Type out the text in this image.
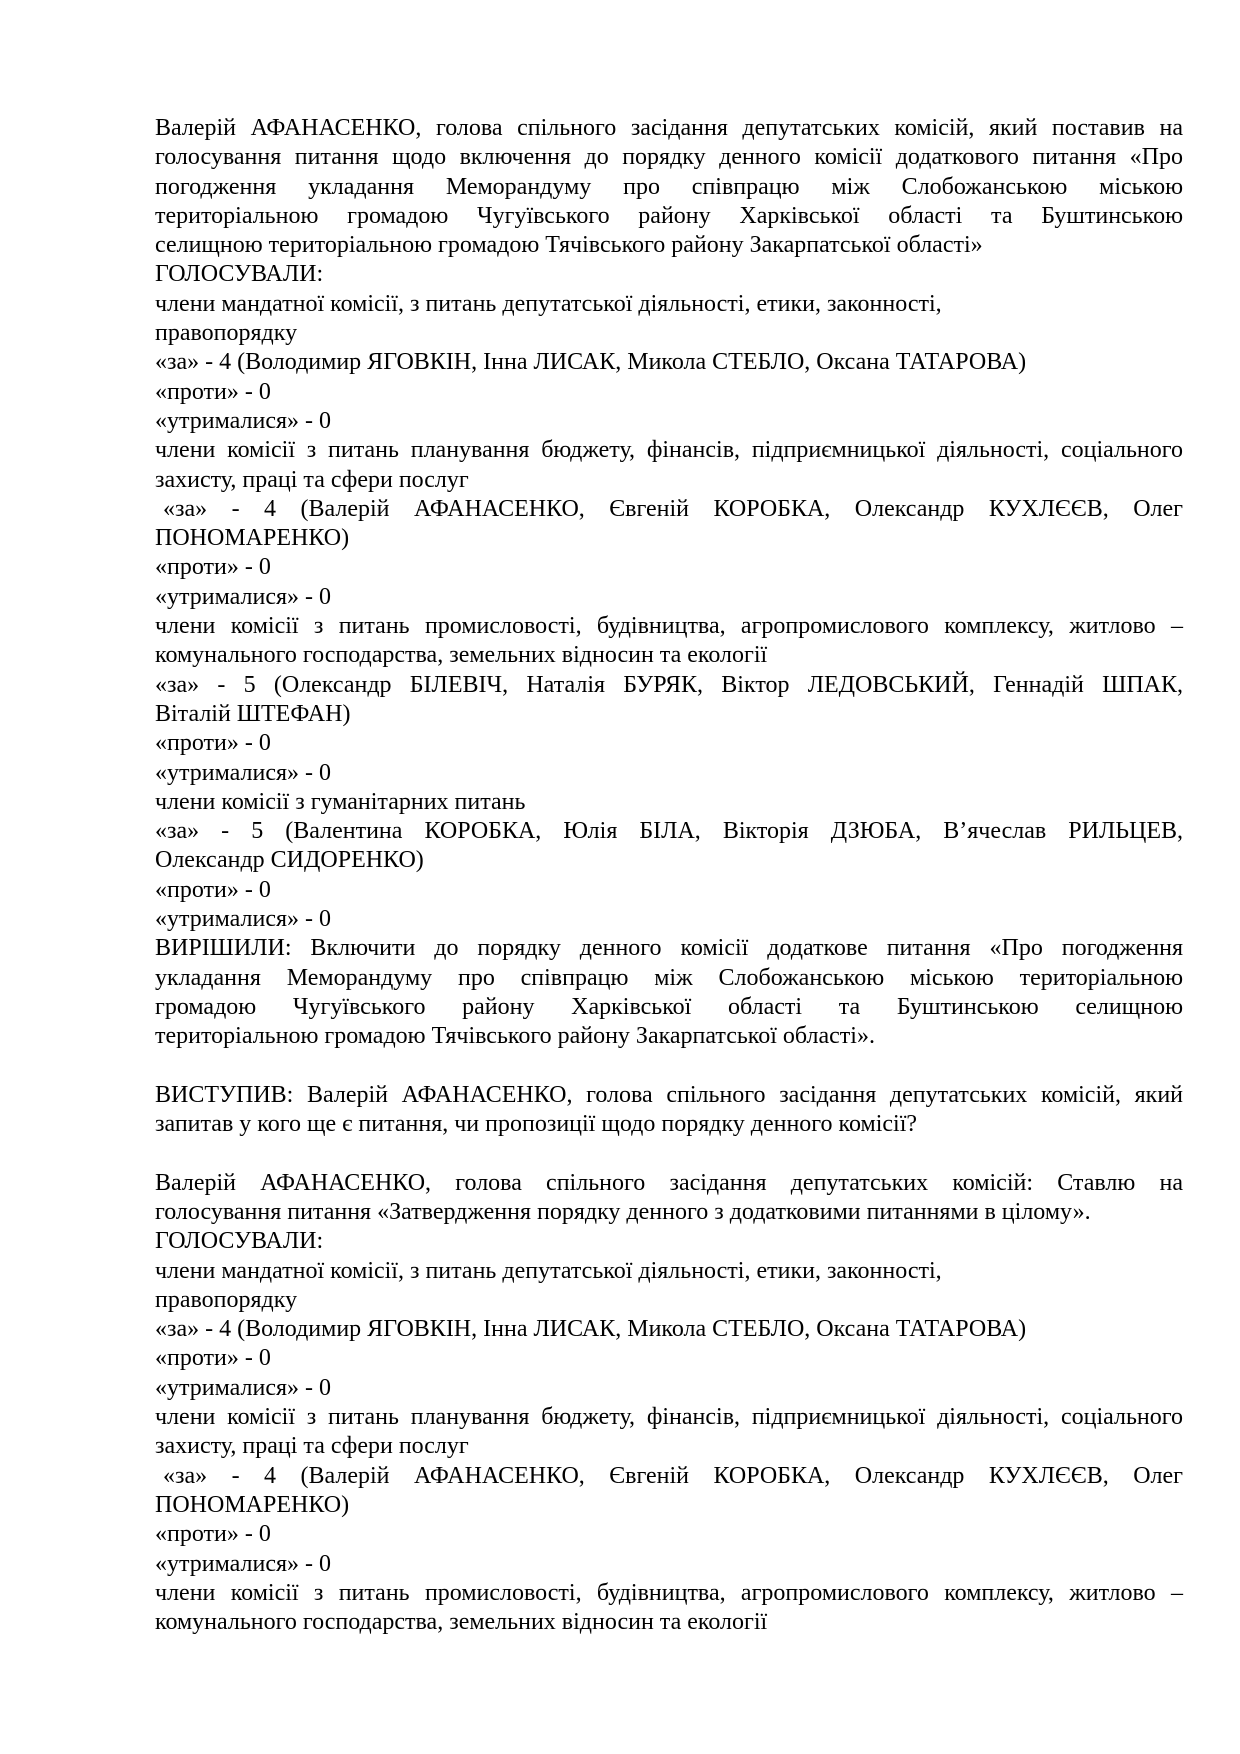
Валерій АФАНАСЕНКО, голова спільного засідання депутатських комісій, який поставив на

голосування питання щодо включення до порядку денного комісії додаткового питання «Про

погодження укладання Меморандуму про співпрацю між Слобожанською міською

територіальною громадою Чугуївського району Харківської області та Буштинською

селищною територіальною громадою Тячівського району Закарпатської області»

ГОЛОСУВАЛИ:

члени мандатної комісії, з питань депутатської діяльності, етики, законності,

правопорядку

«за» - 4 (Володимир ЯГОВКІН, Інна ЛИСАК, Микола СТЕБЛО, Оксана ТАТАРОВА)

«проти» - 0

«утрималися» - 0

члени комісії з питань планування бюджету, фінансів, підприємницької діяльності, соціального

захисту, праці та сфери послуг

«за» - 4 (Валерій АФАНАСЕНКО, Євгеній КОРОБКА, Олександр КУХЛЄЄВ, Олег

ПОНОМАРЕНКО)

«проти» - 0

«утрималися» - 0

члени комісії з питань промисловості, будівництва, агропромислового комплексу, житлово –

комунального господарства, земельних відносин та екології

«за» - 5 (Олександр БІЛЕВІЧ, Наталія БУРЯК, Віктор ЛЕДОВСЬКИЙ, Геннадій ШПАК,

Віталій ШТЕФАН)

«проти» - 0

«утрималися» - 0

члени комісії з гуманітарних питань

«за» - 5 (Валентина КОРОБКА, Юлія БІЛА, Вікторія ДЗЮБА, В’ячеслав РИЛЬЦЕВ,

Олександр СИДОРЕНКО)

«проти» - 0

«утрималися» - 0

ВИРІШИЛИ: Включити до порядку денного комісії додаткове питання «Про погодження

укладання Меморандуму про співпрацю між Слобожанською міською територіальною

громадою Чугуївського району Харківської області та Буштинською селищною

територіальною громадою Тячівського району Закарпатської області».

ВИСТУПИВ: Валерій АФАНАСЕНКО, голова спільного засідання депутатських комісій, який

запитав у кого ще є питання, чи пропозиції щодо порядку денного комісії?

Валерій АФАНАСЕНКО, голова спільного засідання депутатських комісій: Ставлю на

голосування питання «Затвердження порядку денного з додатковими питаннями в цілому».

ГОЛОСУВАЛИ:

члени мандатної комісії, з питань депутатської діяльності, етики, законності,

правопорядку

«за» - 4 (Володимир ЯГОВКІН, Інна ЛИСАК, Микола СТЕБЛО, Оксана ТАТАРОВА)

«проти» - 0

«утрималися» - 0

члени комісії з питань планування бюджету, фінансів, підприємницької діяльності, соціального

захисту, праці та сфери послуг

«за» - 4 (Валерій АФАНАСЕНКО, Євгеній КОРОБКА, Олександр КУХЛЄЄВ, Олег

ПОНОМАРЕНКО)

«проти» - 0

«утрималися» - 0

члени комісії з питань промисловості, будівництва, агропромислового комплексу, житлово –

комунального господарства, земельних відносин та екології
